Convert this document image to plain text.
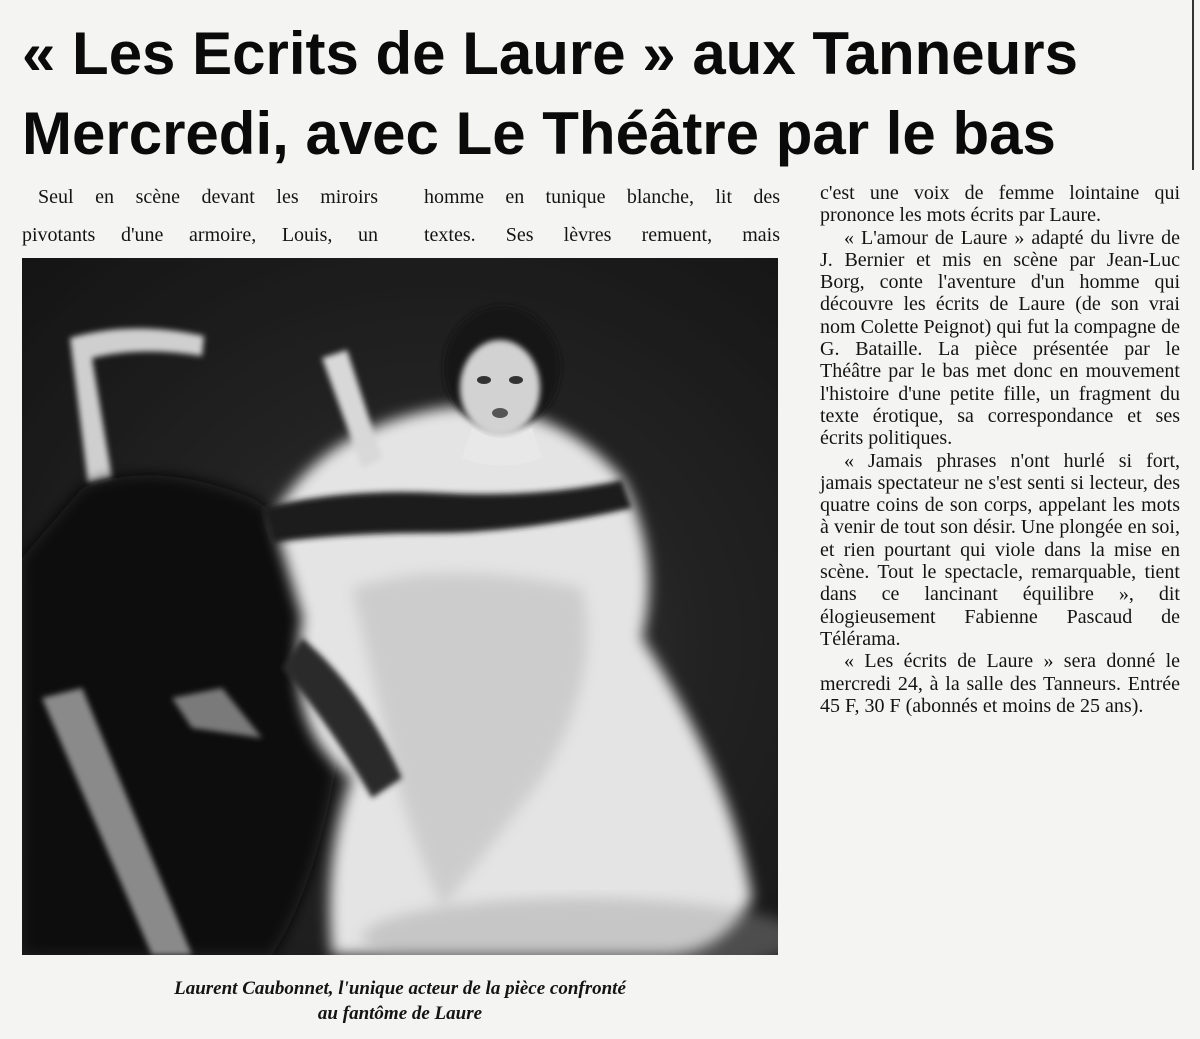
« Les Ecrits de Laure » aux Tanneurs
Mercredi, avec Le Théâtre par le bas
Seul en scène devant les miroirs
pivotants d'une armoire, Louis, un
homme en tunique blanche, lit des
textes. Ses lèvres remuent, mais
Laurent Caubonnet, l'unique acteur de la pièce confronté
au fantôme de Laure

c'est une voix de femme lointaine qui prononce les mots écrits par Laure.

« L'amour de Laure » adapté du livre de J. Bernier et mis en scène par Jean-Luc Borg, conte l'aventure d'un homme qui découvre les écrits de Laure (de son vrai nom Colette Peignot) qui fut la compagne de G. Bataille. La pièce présentée par le Théâtre par le bas met donc en mouvement l'histoire d'une petite fille, un fragment du texte érotique, sa correspondance et ses écrits politiques.

« Jamais phrases n'ont hurlé si fort, jamais spectateur ne s'est senti si lecteur, des quatre coins de son corps, appelant les mots à venir de tout son désir. Une plongée en soi, et rien pourtant qui viole dans la mise en scène. Tout le spectacle, remarquable, tient dans ce lancinant équilibre », dit élogieusement Fabienne Pascaud de Télérama.

« Les écrits de Laure » sera donné le mercredi 24, à la salle des Tanneurs. Entrée 45 F, 30 F (abonnés et moins de 25 ans).
